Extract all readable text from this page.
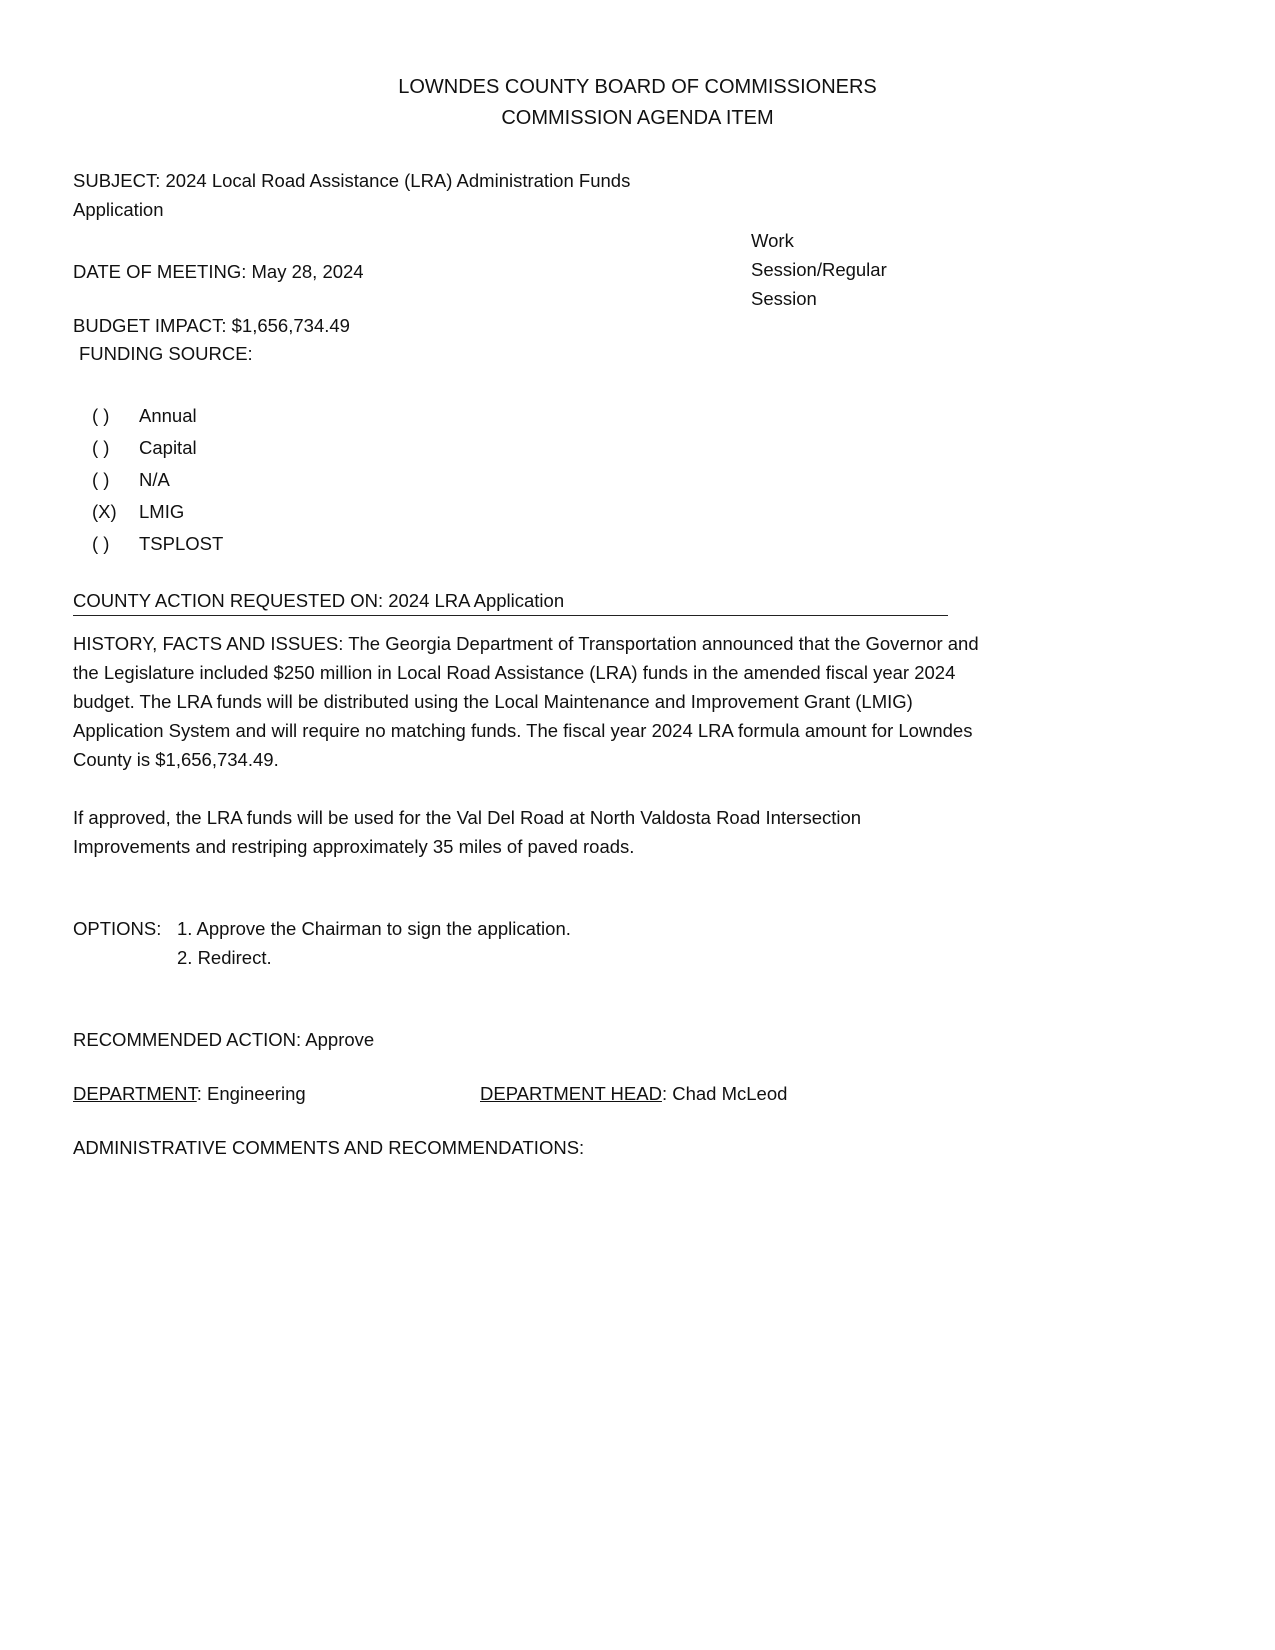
LOWNDES COUNTY BOARD OF COMMISSIONERS
COMMISSION AGENDA ITEM
SUBJECT: 2024 Local Road Assistance (LRA) Administration Funds
Application
Work
Session/Regular
Session
DATE OF MEETING: May 28, 2024
BUDGET IMPACT: $1,656,734.49
FUNDING SOURCE:
( ) Annual
( ) Capital
( ) N/A
(X) LMIG
( ) TSPLOST
COUNTY ACTION REQUESTED ON: 2024 LRA Application
HISTORY, FACTS AND ISSUES: The Georgia Department of Transportation announced that the Governor and
the Legislature included $250 million in Local Road Assistance (LRA) funds in the amended fiscal year 2024
budget. The LRA funds will be distributed using the Local Maintenance and Improvement Grant (LMIG)
Application System and will require no matching funds. The fiscal year 2024 LRA formula amount for Lowndes
County is $1,656,734.49.
If approved, the LRA funds will be used for the Val Del Road at North Valdosta Road Intersection
Improvements and restriping approximately 35 miles of paved roads.
OPTIONS: 1. Approve the Chairman to sign the application.
2. Redirect.
RECOMMENDED ACTION: Approve
DEPARTMENT: Engineering	DEPARTMENT HEAD: Chad McLeod
ADMINISTRATIVE COMMENTS AND RECOMMENDATIONS:
